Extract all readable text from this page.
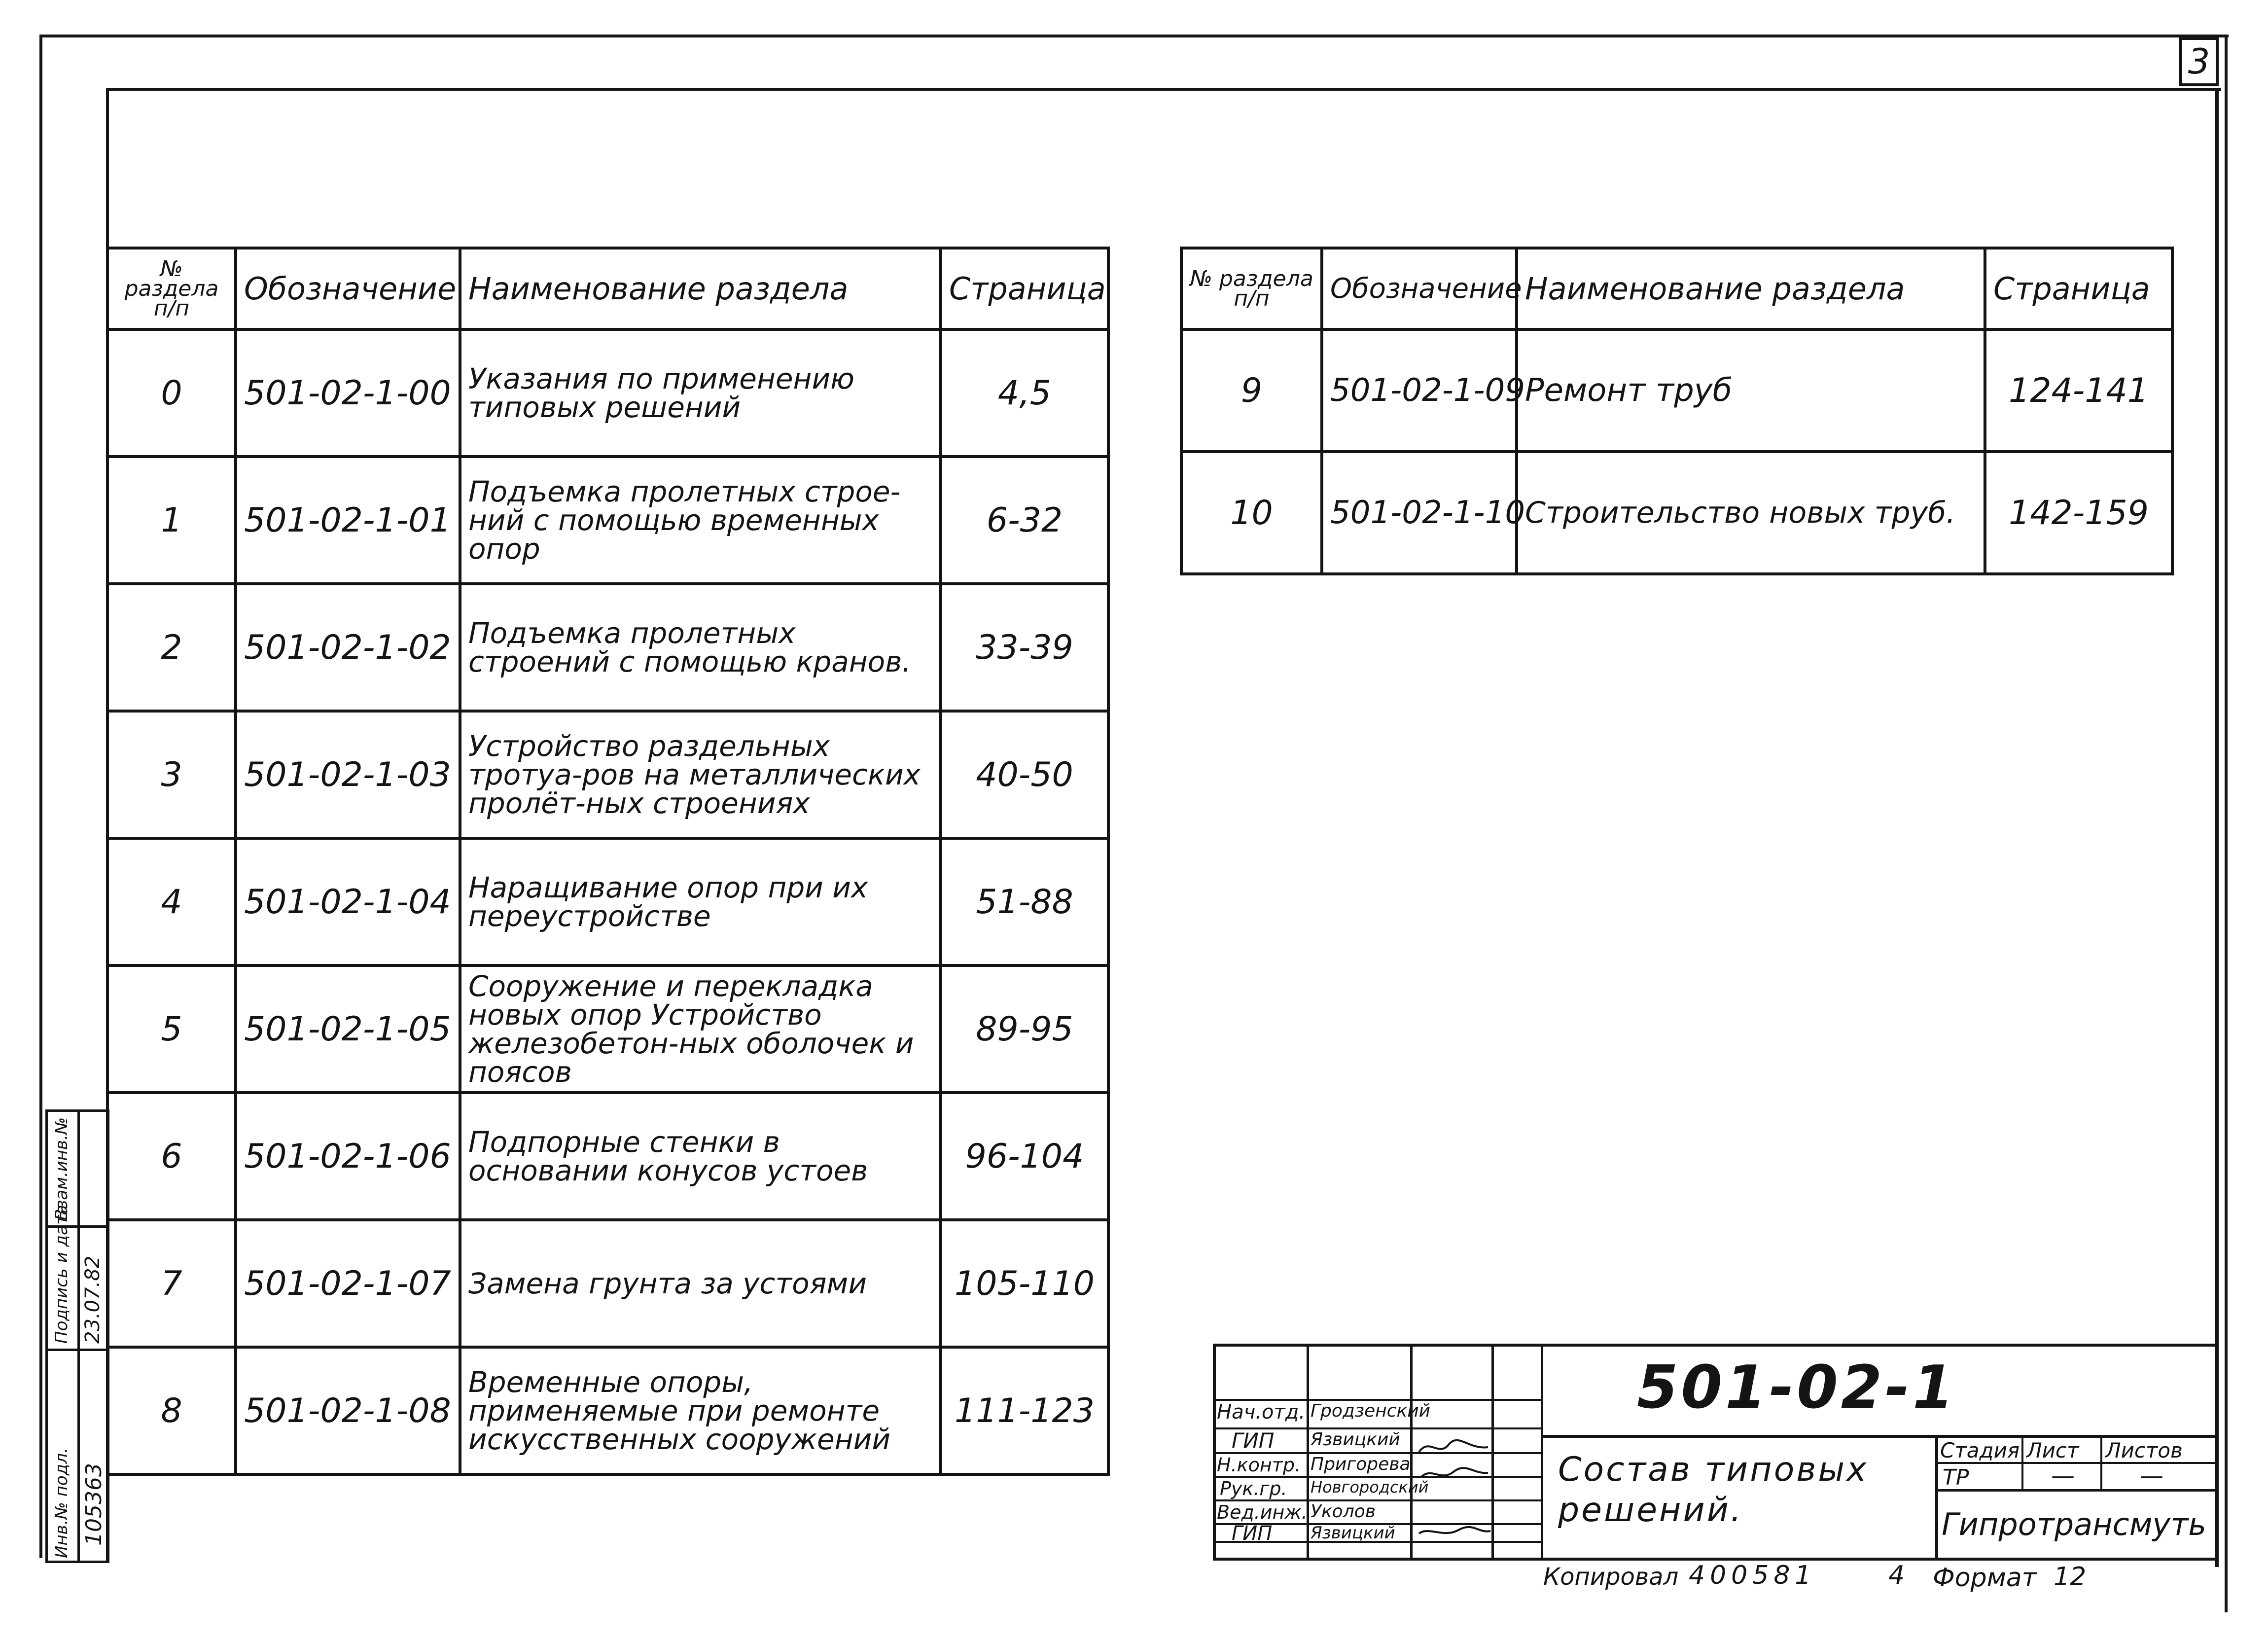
3
№ раздела п/п	Обозначение	Наименование раздела	Страница
0	501-02-1-00	Указания по применению типовых решений	4,5
1	501-02-1-01	Подъемка пролетных строе-ний с помощью временных опор	6-32
2	501-02-1-02	Подъемка пролетных строений с помощью кранов.	33-39
3	501-02-1-03	Устройство раздельных тротуа-ров на металлических пролёт-ных строениях	40-50
4	501-02-1-04	Наращивание опор при их переустройстве	51-88
5	501-02-1-05	Сооружение и перекладка новых опор Устройство железобетон-ных оболочек и поясов	89-95
6	501-02-1-06	Подпорные стенки в основании конусов устоев	96-104
7	501-02-1-07	Замена грунта за устоями	105-110
8	501-02-1-08	Временные опоры, применяемые при ремонте искусственных сооружений	111-123
№ раздела п/п	Обозначение	Наименование раздела	Страница
9	501-02-1-09	Ремонт труб	124-141
10	501-02-1-10	Строительство новых труб.	142-159
Взам.инв.№
Подпись и дата 23.07.82
Инв.№ подл. 105363
Нач.отд. Гродзенский
ГИП Язвицкий
Н.контр. Пригорева
Рук.гр. Новгородский
Вед.инж. Уколов
ГИП Язвицкий
501-02-1
Состав типовых решений.
Стадия Лист Листов
ТР	—	—
Гипротрансмуть
Копировал 400581	4 Формат 12
